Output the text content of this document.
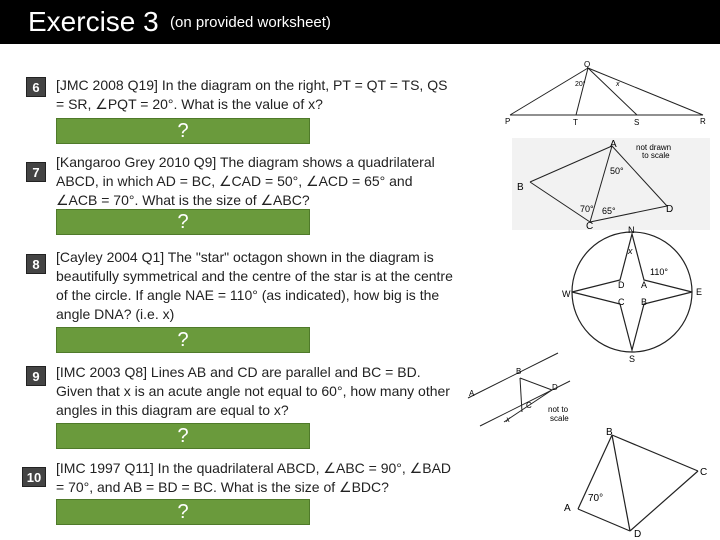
Exercise 3 (on provided worksheet)
6	[JMC 2008 Q19] In the diagram on the right, PT = QT = TS, QS = SR, ∠PQT = 20°. What is the value of x?
?
7
[Kangaroo Grey 2010 Q9] The diagram shows a quadrilateral ABCD, in which AD = BC, ∠CAD = 50°, ∠ACD = 65° and ∠ACB = 70°. What is the size of ∠ABC?
?
8	[Cayley 2004 Q1] The "star" octagon shown in the diagram is beautifully symmetrical and the centre of the star is at the centre of the circle. If angle NAE = 110° (as indicated), how big is the angle DNA? (i.e. x)
?
9	[IMC 2003 Q8] Lines AB and CD are parallel and BC = BD. Given that x is an acute angle not equal to 60°, how many other angles in this diagram are equal to x?
?
10
[IMC 1997 Q11] In the quadrilateral ABCD, ∠ABC = 90°, ∠BAD = 70°, and AB = BD = BC. What is the size of ∠BDC?
?
Q
P	T	S	R
20°	x
A
B
C
D
not drawn
to scale
50°
70° 65°
N
E
S
W
A
B
C
D
x
110°
A
B
C
D
x
not to
scale
B
A
C
D
70°
